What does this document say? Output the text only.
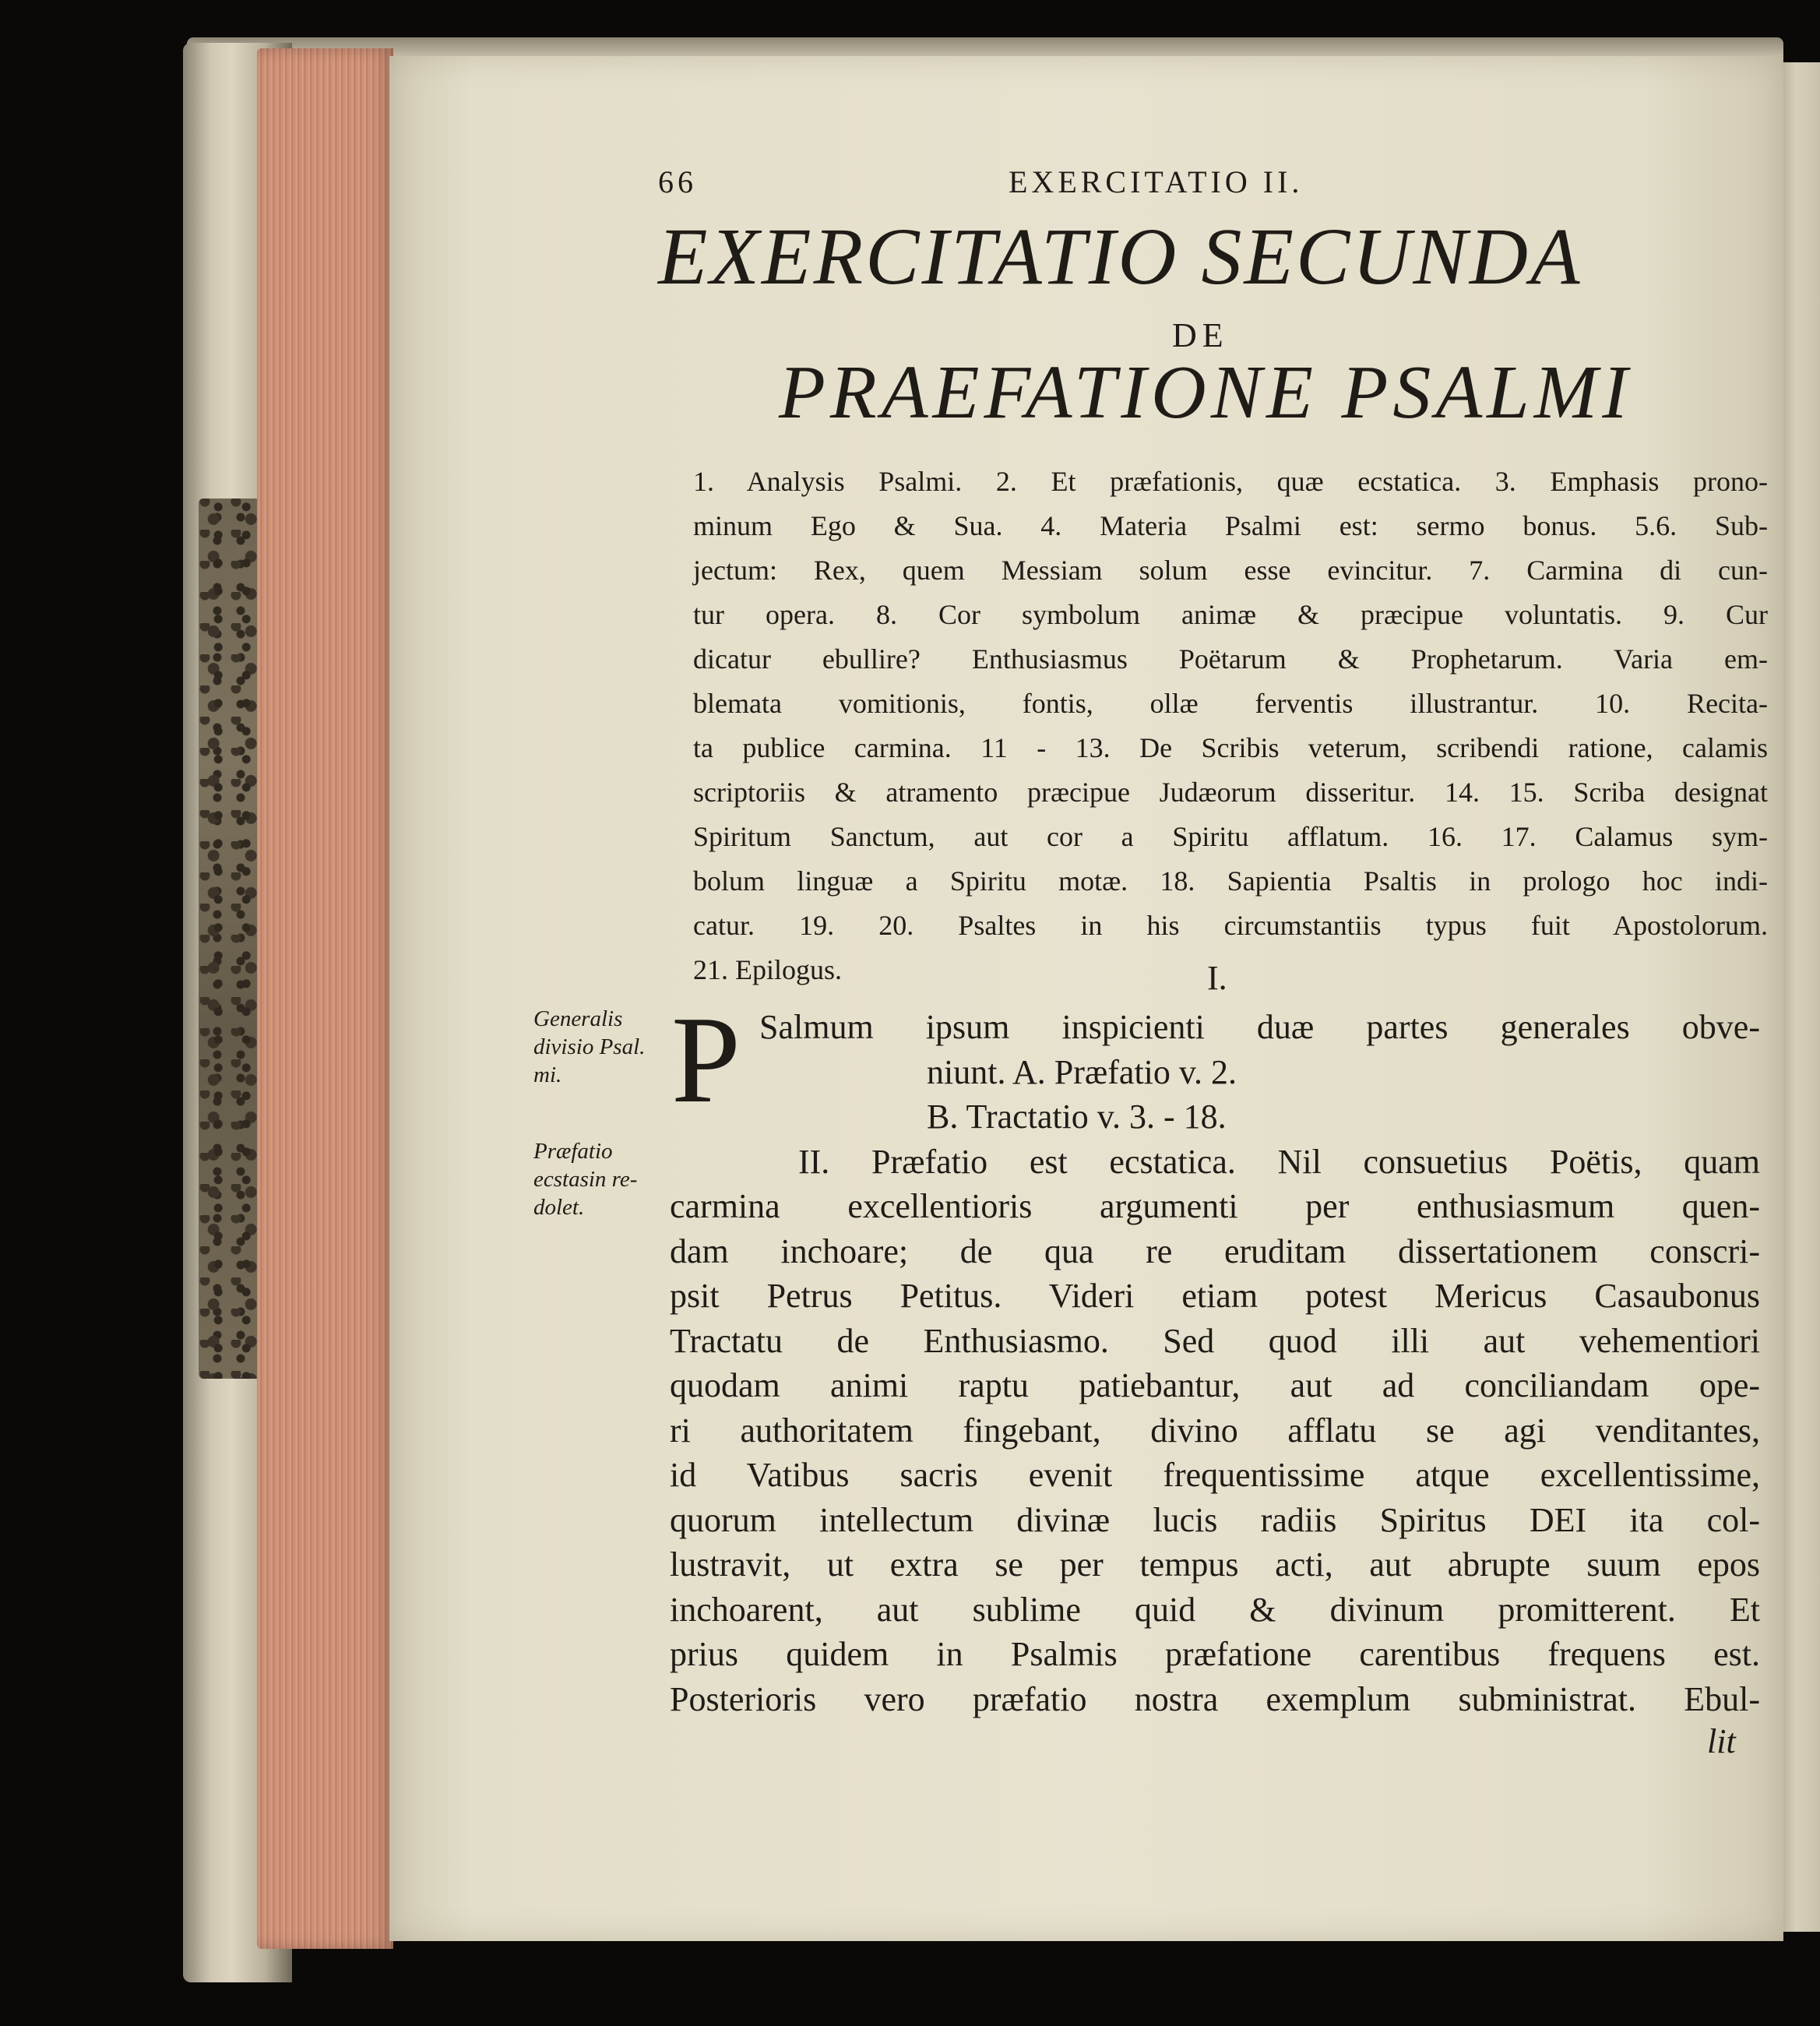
66	EXERCITATIO II.
EXERCITATIO SECUNDA
DE
PRAEFATIONE PSALMI
1. Analysis Psalmi. 2. Et præfationis, quæ ecstatica. 3. Emphasis prono-
minum Ego & Sua. 4. Materia Psalmi est: sermo bonus. 5.6. Sub-
jectum: Rex, quem Messiam solum esse evincitur. 7. Carmina di cun-
tur opera. 8. Cor symbolum animæ & præcipue voluntatis. 9. Cur
dicatur ebullire? Enthusiasmus Poëtarum & Prophetarum. Varia em-
blemata vomitionis, fontis, ollæ ferventis illustrantur. 10. Recita-
ta publice carmina. 11 - 13. De Scribis veterum, scribendi ratione, calamis
scriptoriis & atramento præcipue Judæorum disseritur. 14. 15. Scriba designat
Spiritum Sanctum, aut cor a Spiritu afflatum. 16. 17. Calamus sym-
bolum linguæ a Spiritu motæ. 18. Sapientia Psaltis in prologo hoc indi-
catur. 19. 20. Psaltes in his circumstantiis typus fuit Apostolorum.
21. Epilogus.	I.
Generalis
divisio Psal.
mi.
Præfatio
ecstasin re-
dolet.
P Salmum ipsum inspicienti duæ partes generales obve-
niunt. A. Præfatio v. 2.
B. Tractatio v. 3. - 18.
II. Præfatio est ecstatica. Nil consuetius Poëtis, quam
carmina excellentioris argumenti per enthusiasmum quen-
dam inchoare; de qua re eruditam dissertationem conscri-
psit Petrus Petitus. Videri etiam potest Mericus Casaubonus
Tractatu de Enthusiasmo. Sed quod illi aut vehementiori
quodam animi raptu patiebantur, aut ad conciliandam ope-
ri authoritatem fingebant, divino afflatu se agi venditantes,
id Vatibus sacris evenit frequentissime atque excellentissime,
quorum intellectum divinæ lucis radiis Spiritus DEI ita col-
lustravit, ut extra se per tempus acti, aut abrupte suum epos
inchoarent, aut sublime quid & divinum promitterent. Et
prius quidem in Psalmis præfatione carentibus frequens est.
Posterioris vero præfatio nostra exemplum subministrat. Ebul-
lit
